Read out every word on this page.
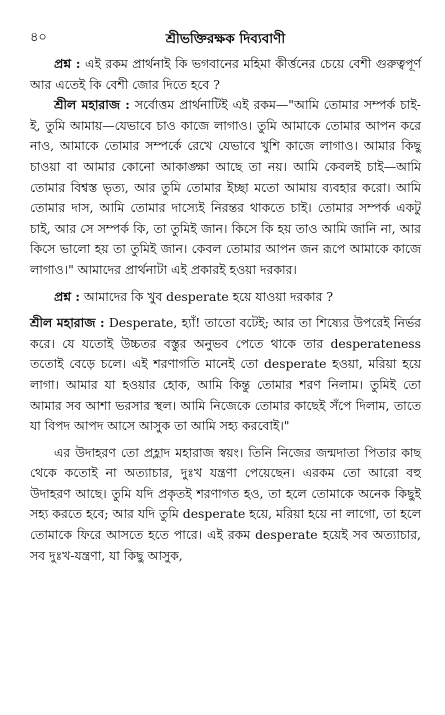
৪০	শ্রীভক্তিরক্ষক দিব্যবাণী

প্রশ্ন : এই রকম প্রার্থনাই কি ভগবানের মহিমা কীর্ত্তনের চেয়ে বেশী গুরুত্বপূর্ণ আর এতেই কি বেশী জোর দিতে হবে ?

শ্রীল মহারাজ : সর্বোত্তম প্রার্থনাটিই এই রকম—"আমি তোমার সম্পর্ক চাই-ই, তুমি আমায়—যেভাবে চাও কাজে লাগাও। তুমি আমাকে তোমার আপন করে নাও, আমাকে তোমার সম্পর্কে রেখে যেভাবে খুশি কাজে লাগাও। আমার কিছু চাওয়া বা আমার কোনো আকাঙ্ক্ষা আছে তা নয়। আমি কেবলই চাই—আমি তোমার বিশ্বস্ত ভৃত্য, আর তুমি তোমার ইচ্ছা মতো আমায় ব্যবহার করো। আমি তোমার দাস, আমি তোমার দাস্যেই নিরন্তর থাকতে চাই। তোমার সম্পর্ক একটু চাই, আর সে সম্পর্ক কি, তা তুমিই জান। কিসে কি হয় তাও আমি জানি না, আর কিসে ভালো হয় তা তুমিই জান। কেবল তোমার আপন জন রূপে আমাকে কাজে লাগাও।" আমাদের প্রার্থনাটা এই প্রকারই হওয়া দরকার।

প্রশ্ন : আমাদের কি খুব desperate হয়ে যাওয়া দরকার ?

শ্রীল মহারাজ : Desperate, হ্যাঁ! তাতো বটেই; আর তা শিষ্যের উপরেই নির্ভর করে। যে যতোই উচ্চতর বস্তুর অনুভব পেতে থাকে তার desperateness ততোই বেড়ে চলে। এই শরণাগতি মানেই তো desperate হওয়া, মরিয়া হয়ে লাগা। আমার যা হওয়ার হোক, আমি কিন্তু তোমার শরণ নিলাম। তুমিই তো আমার সব আশা ভরসার স্থল। আমি নিজেকে তোমার কাছেই সঁপে দিলাম, তাতে যা বিপদ আপদ আসে আসুক তা আমি সহ্য করবোই।"

এর উদাহরণ তো প্রহ্লাদ মহারাজ স্বয়ং। তিনি নিজের জন্মদাতা পিতার কাছ থেকে কতোই না অত্যাচার, দুঃখ যন্ত্রণা পেয়েছেন। এরকম তো আরো বহু উদাহরণ আছে। তুমি যদি প্রকৃতই শরণাগত হও, তা হলে তোমাকে অনেক কিছুই সহ্য করতে হবে; আর যদি তুমি desperate হয়ে, মরিয়া হয়ে না লাগো, তা হলে তোমাকে ফিরে আসতে হতে পারে। এই রকম desperate হয়েই সব অত্যাচার, সব দুঃখ-যন্ত্রণা, যা কিছু আসুক,
